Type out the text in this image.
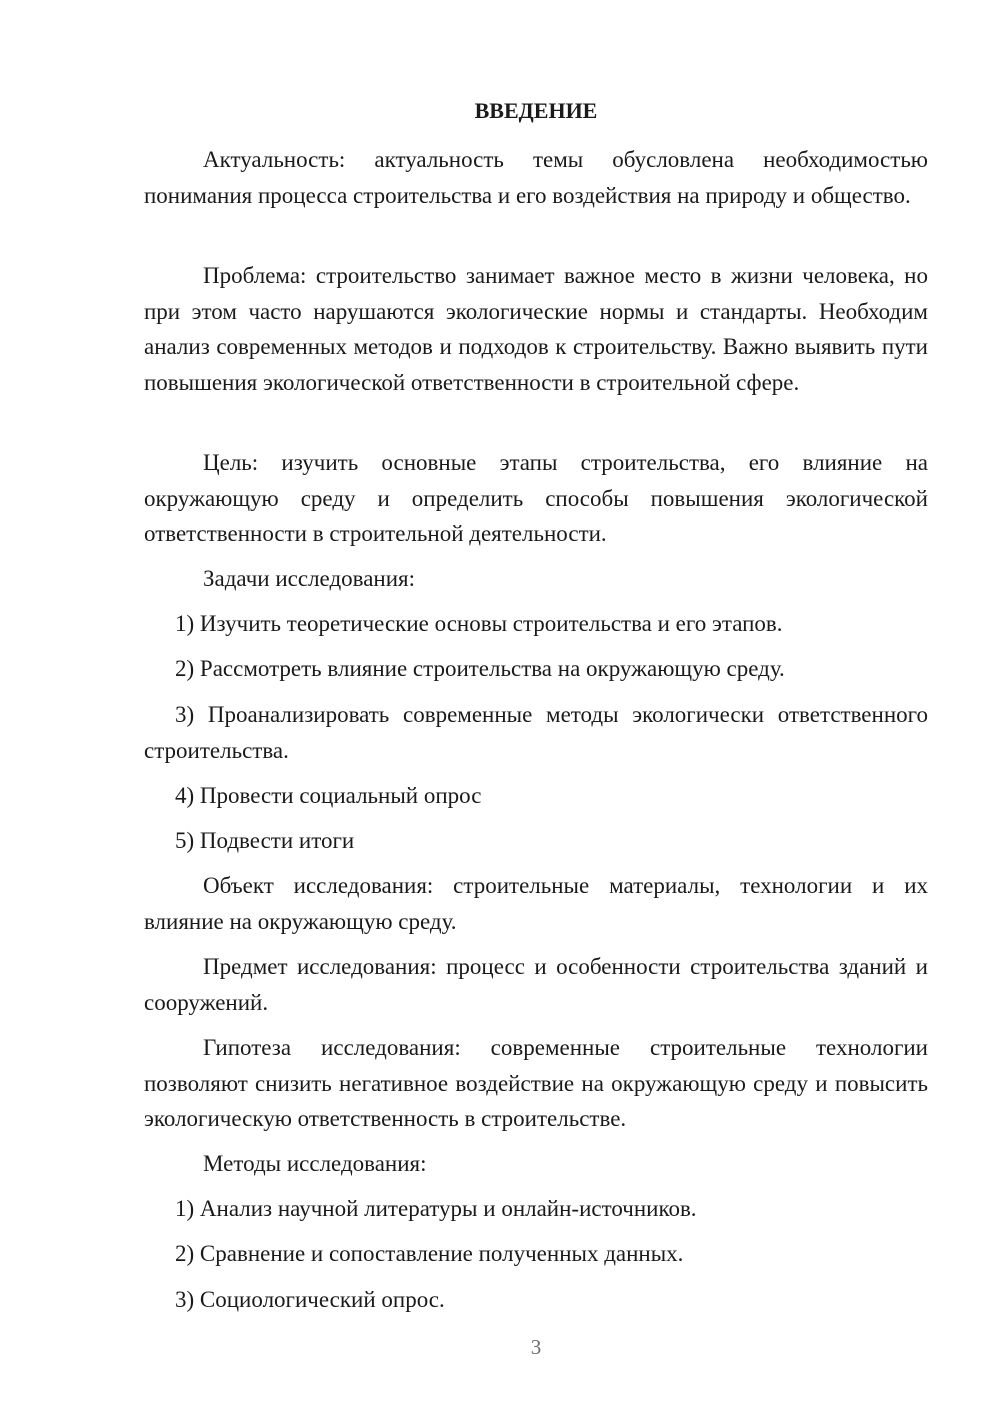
ВВЕДЕНИЕ

Актуальность: актуальность темы обусловлена необходимостью понимания процесса строительства и его воздействия на природу и общество.

Проблема: строительство занимает важное место в жизни человека, но при этом часто нарушаются экологические нормы и стандарты. Необходим анализ современных методов и подходов к строительству. Важно выявить пути повышения экологической ответственности в строительной сфере.

Цель: изучить основные этапы строительства, его влияние на окружающую среду и определить способы повышения экологической ответственности в строительной деятельности.

Задачи исследования:

1) Изучить теоретические основы строительства и его этапов.

2) Рассмотреть влияние строительства на окружающую среду.

3) Проанализировать современные методы экологически ответственного строительства.

4) Провести социальный опрос

5) Подвести итоги

Объект исследования: строительные материалы, технологии и их влияние на окружающую среду.

Предмет исследования: процесс и особенности строительства зданий и сооружений.

Гипотеза исследования: современные строительные технологии позволяют снизить негативное воздействие на окружающую среду и повысить экологическую ответственность в строительстве.

Методы исследования:

1) Анализ научной литературы и онлайн-источников.

2) Сравнение и сопоставление полученных данных.

3) Социологический опрос.

3
